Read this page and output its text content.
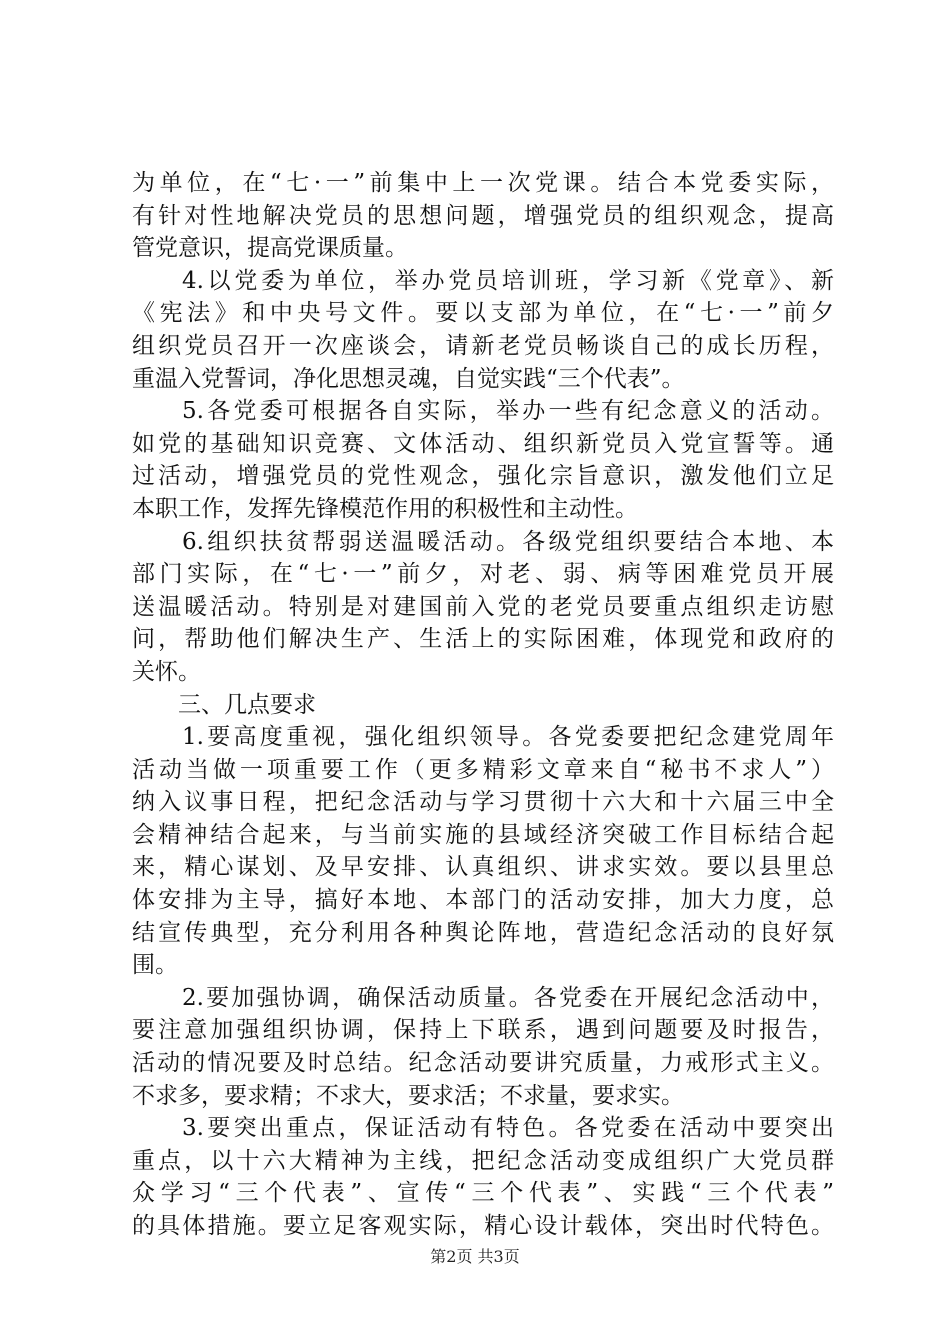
为单位，在“七·一”前集中上一次党课。结合本党委实际，
有针对性地解决党员的思想问题，增强党员的组织观念，提高
管党意识，提高党课质量。
4.以党委为单位，举办党员培训班，学习新《党章》、新
《宪法》和中央号文件。要以支部为单位，在“七·一”前夕
组织党员召开一次座谈会，请新老党员畅谈自己的成长历程，
重温入党誓词，净化思想灵魂，自觉实践“三个代表”。
5.各党委可根据各自实际，举办一些有纪念意义的活动。
如党的基础知识竞赛、文体活动、组织新党员入党宣誓等。通
过活动，增强党员的党性观念，强化宗旨意识，激发他们立足
本职工作，发挥先锋模范作用的积极性和主动性。
6.组织扶贫帮弱送温暖活动。各级党组织要结合本地、本
部门实际，在“七·一”前夕，对老、弱、病等困难党员开展
送温暖活动。特别是对建国前入党的老党员要重点组织走访慰
问，帮助他们解决生产、生活上的实际困难，体现党和政府的
关怀。
三、几点要求
1.要高度重视，强化组织领导。各党委要把纪念建党周年
活动当做一项重要工作（更多精彩文章来自“秘书不求人”）
纳入议事日程，把纪念活动与学习贯彻十六大和十六届三中全
会精神结合起来，与当前实施的县域经济突破工作目标结合起
来，精心谋划、及早安排、认真组织、讲求实效。要以县里总
体安排为主导，搞好本地、本部门的活动安排，加大力度，总
结宣传典型，充分利用各种舆论阵地，营造纪念活动的良好氛
围。
2.要加强协调，确保活动质量。各党委在开展纪念活动中，
要注意加强组织协调，保持上下联系，遇到问题要及时报告，
活动的情况要及时总结。纪念活动要讲究质量，力戒形式主义。
不求多，要求精；不求大，要求活；不求量，要求实。
3.要突出重点，保证活动有特色。各党委在活动中要突出
重点，以十六大精神为主线，把纪念活动变成组织广大党员群
众学习“三个代表”、宣传“三个代表”、实践“三个代表”
的具体措施。要立足客观实际，精心设计载体，突出时代特色。
第2页 共3页
